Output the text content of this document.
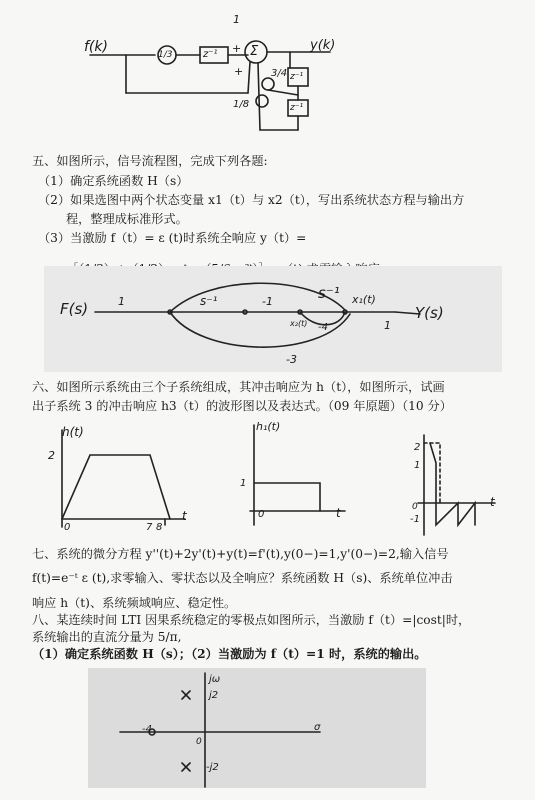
f(k)	y(k)
1/3	z⁻¹
z⁻¹
z⁻¹
Σ
3/4
1/8
+
+
1
五、如图所示，信号流程图，完成下列各题:
（1）确定系统函数 H（s）
（2）如果选图中两个状态变量 x1（t）与 x2（t），写出系统状态方程与输出方
程，整理成标准形式。
（3）当激励 f（t）= ε (t)时系统全响应 y（t）=
F(s)	Y(s)
1	s⁻¹	-1	s⁻¹ x₁(t)
x₂(t) -4	1
-3
六、如图所示系统由三个子系统组成，其冲击响应为 h（t），如图所示，试画
出子系统 3 的冲击响应 h3（t）的波形图以及表达式。（09 年原题）（10 分）
h(t)
2
t
0	7 8
h₁(t)
1
t
0
2
1
-1
t
0
七、系统的微分方程 y''(t)+2y'(t)+y(t)=f'(t),y(0−)=1,y'(0−)=2,输入信号
f(t)=e⁻ᵗ ε (t),求零输入、零状态以及全响应？系统函数 H（s)、系统单位冲击
响应 h（t)、系统频域响应、稳定性。
八、某连续时间 LTI 因果系统稳定的零极点如图所示，当激励 f（t）=|cost|时，
系统输出的直流分量为 5/π,
（1）确定系统函数 H（s）；（2）当激励为 f（t）=1 时，系统的输出。
jω
j2
-j2
-4	σ
0
